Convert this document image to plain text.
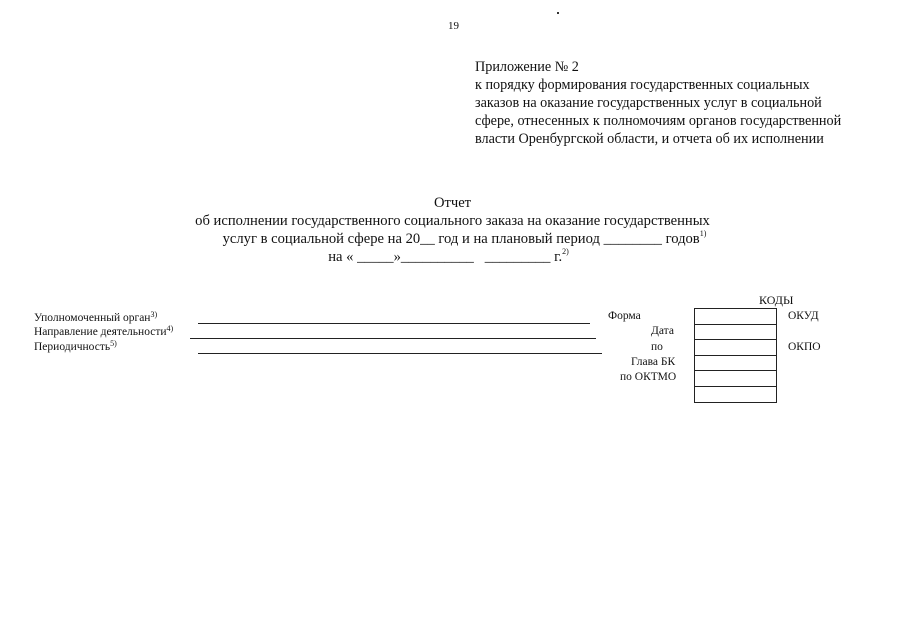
19
Приложение № 2
к порядку формирования государственных социальных
заказов на оказание государственных услуг в социальной
сфере, отнесенных к полномочиям органов государственной
власти Оренбургской области, и отчета об их исполнении
Отчет
об исполнении государственного социального заказа на оказание государственных
услуг в социальной сфере на 20__ год и на плановый период ________ годов$^{1)}$
на « _____»__________   _________ г.$^{2)}$
Уполномоченный орган$^{3)}$
Направление деятельности$^{4)}$
Периодичность$^{5)}$
КОДЫ
Форма
Дата
по
Глава БК
по ОКТМО
ОКУД
ОКПО
